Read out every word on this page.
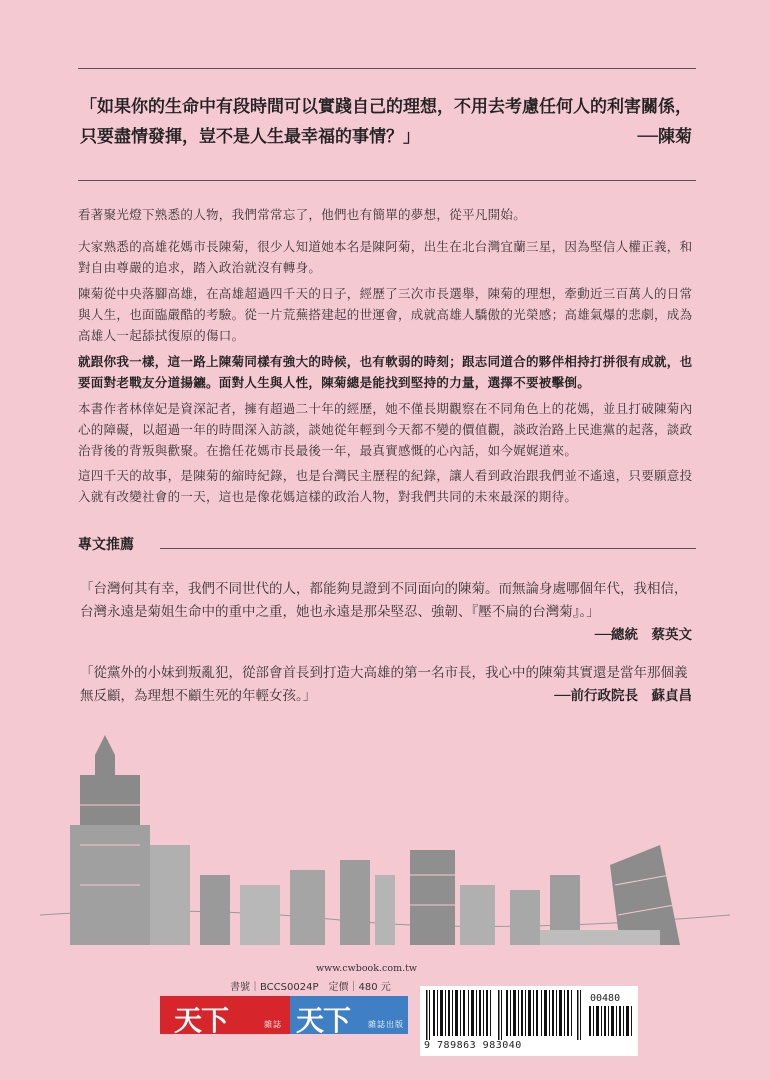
「如果你的生命中有段時間可以實踐自己的理想，不用去考慮任何人的利害關係，
只要盡情發揮，豈不是人生最幸福的事情？」	──陳菊
看著聚光燈下熟悉的人物，我們常常忘了，他們也有簡單的夢想，從平凡開始。
大家熟悉的高雄花媽市長陳菊，很少人知道她本名是陳阿菊，出生在北台灣宜蘭三星，因為堅信人權正義，和對自由尊嚴的追求，踏入政治就沒有轉身。
陳菊從中央落腳高雄，在高雄超過四千天的日子，經歷了三次市長選舉，陳菊的理想，牽動近三百萬人的日常與人生，也面臨嚴酷的考驗。從一片荒蕪搭建起的世運會，成就高雄人驕傲的光榮感；高雄氣爆的悲劇，成為高雄人一起舔拭復原的傷口。
就跟你我一樣，這一路上陳菊同樣有強大的時候，也有軟弱的時刻；跟志同道合的夥伴相持打拼很有成就，也要面對老戰友分道揚鑣。面對人生與人性，陳菊總是能找到堅持的力量，選擇不要被擊倒。
本書作者林倖妃是資深記者，擁有超過二十年的經歷，她不僅長期觀察在不同角色上的花媽，並且打破陳菊內心的障礙，以超過一年的時間深入訪談，談她從年輕到今天都不變的價值觀，談政治路上民進黨的起落，談政治背後的背叛與歡聚。在擔任花媽市長最後一年，最真實感慨的心內話，如今娓娓道來。
這四千天的故事，是陳菊的縮時紀錄，也是台灣民主歷程的紀錄，讓人看到政治跟我們並不遙遠，只要願意投入就有改變社會的一天，這也是像花媽這樣的政治人物，對我們共同的未來最深的期待。
專文推薦
「台灣何其有幸，我們不同世代的人，都能夠見證到不同面向的陳菊。而無論身處哪個年代，我相信，台灣永遠是菊姐生命中的重中之重，她也永遠是那朵堅忍、強韌、『壓不扁的台灣菊』。」
──總統　蔡英文
「從黨外的小妹到叛亂犯，從部會首長到打造大高雄的第一名市長，我心中的陳菊其實還是當年那個義無反顧，為理想不顧生死的年輕女孩。」	──前行政院長　蘇貞昌
www.cwbook.com.tw
書號｜BCCS0024P　定價｜480 元
天下	雜誌 天下 雜誌出版
9 789863 983040
00480
